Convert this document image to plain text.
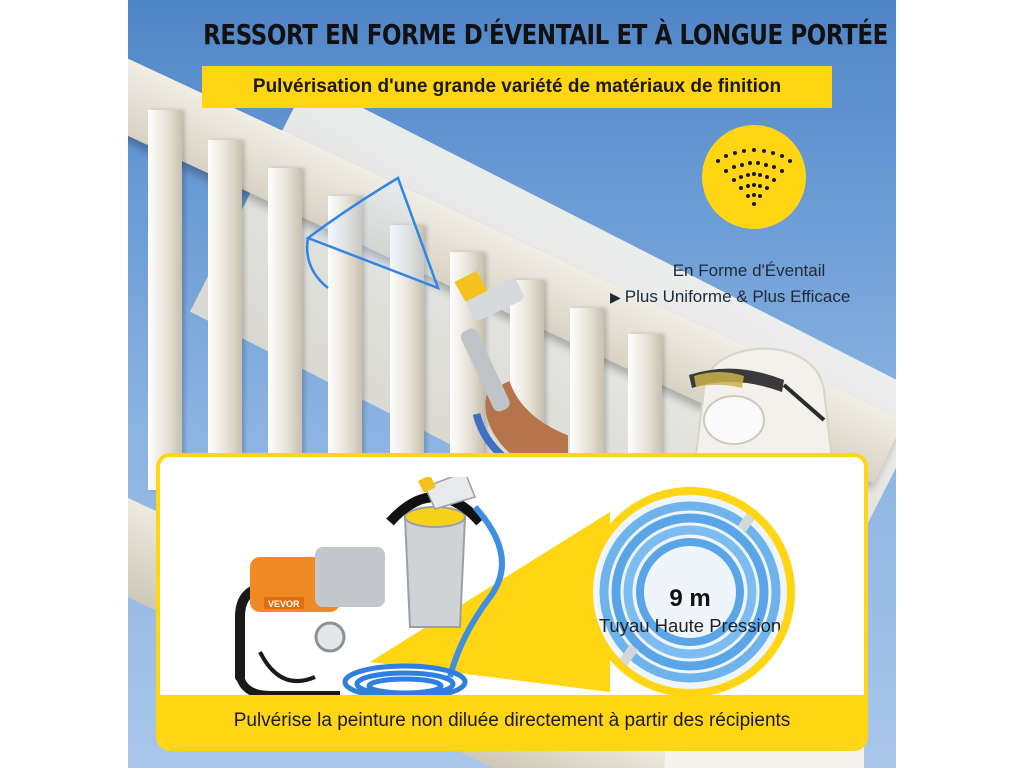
RESSORT EN FORME D'ÉVENTAIL ET À LONGUE PORTÉE
Pulvérisation d'une grande variété de matériaux de finition
En Forme d'Éventail
▶ Plus Uniforme & Plus Efficace
VEVOR	9 m
Tuyau Haute Pression
Pulvérise la peinture non diluée directement à partir des récipients
